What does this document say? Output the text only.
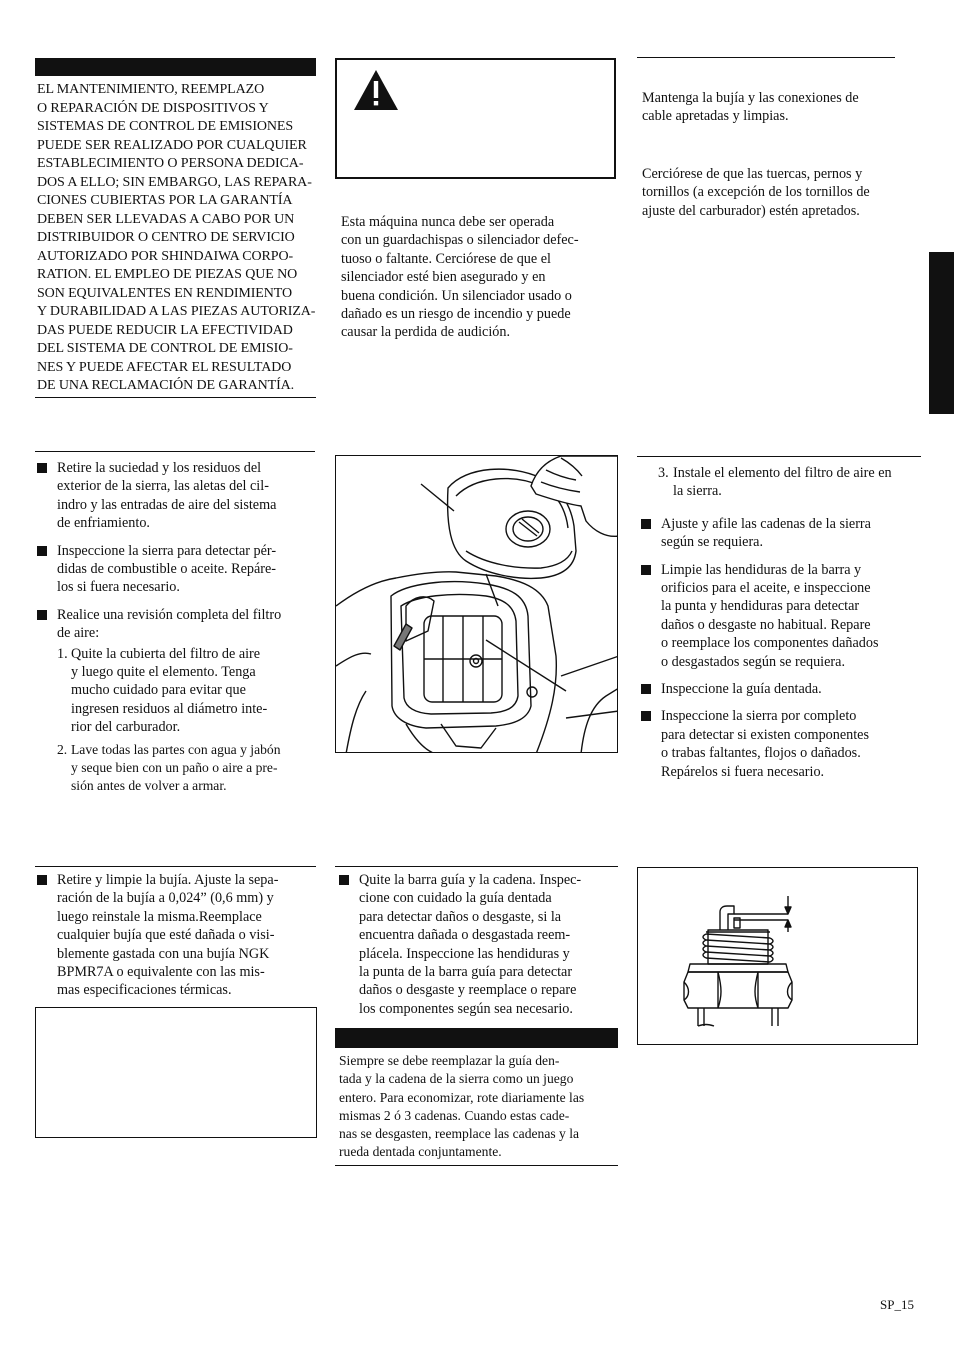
EL MANTENIMIENTO, REEMPLAZO
O REPARACIÓN DE DISPOSITIVOS Y
SISTEMAS DE CONTROL DE EMISIONES
PUEDE SER REALIZADO POR CUALQUIER
ESTABLECIMIENTO O PERSONA DEDICA-
DOS A ELLO; SIN EMBARGO, LAS REPARA-
CIONES CUBIERTAS POR LA GARANTÍA
DEBEN SER LLEVADAS A CABO POR UN
DISTRIBUIDOR O CENTRO DE SERVICIO
AUTORIZADO POR SHINDAIWA CORPO-
RATION. EL EMPLEO DE PIEZAS QUE NO
SON EQUIVALENTES EN RENDIMIENTO
Y DURABILIDAD A LAS PIEZAS AUTORIZA-
DAS PUEDE REDUCIR LA EFECTIVIDAD
DEL SISTEMA DE CONTROL DE EMISIO-
NES Y PUEDE AFECTAR EL RESULTADO
DE UNA RECLAMACIÓN DE GARANTÍA.
Esta máquina nunca debe ser operada
con un guardachispas o silenciador defec-
tuoso o faltante. Cerciórese de que el
silenciador esté bien asegurado y en
buena condición. Un silenciador usado o
dañado es un riesgo de incendio y puede
causar la perdida de audición.
Mantenga la bujía y las conexiones de
cable apretadas y limpias.
Cerciórese de que las tuercas, pernos y
tornillos (a excepción de los tornillos de
ajuste del carburador) estén apretados.
Retire la suciedad y los residuos del
exterior de la sierra, las aletas del cil-
indro y las entradas de aire del sistema
de enfriamiento.
Inspeccione la sierra para detectar pér-
didas de combustible o aceite. Repáre-
los si fuera necesario.
Realice una revisión completa del filtro
de aire:
1. Quite la cubierta del filtro de aire
y luego quite el elemento. Tenga
mucho cuidado para evitar que
ingresen residuos al diámetro inte-
rior del carburador.
2. Lave todas las partes con agua y jabón
y seque bien con un paño o aire a pre-
sión antes de volver a armar.
3. Instale el elemento del filtro de aire en
la sierra.
Ajuste y afile las cadenas de la sierra
según se requiera.
Limpie las hendiduras de la barra y
orificios para el aceite, e inspeccione
la punta y hendiduras para detectar
daños o desgaste no habitual. Repare
o reemplace los componentes dañados
o desgastados según se requiera.
Inspeccione la guía dentada.
Inspeccione la sierra por completo
para detectar si existen componentes
o trabas faltantes, flojos o dañados.
Repárelos si fuera necesario.
Retire y limpie la bujía. Ajuste la sepa-
ración de la bujía a 0,024” (0,6 mm) y
luego reinstale la misma.Reemplace
cualquier bujía que esté dañada o visi-
blemente gastada con una bujía NGK
BPMR7A o equivalente con las mis-
mas especificaciones térmicas.
Quite la barra guía y la cadena. Inspec-
cione con cuidado la guía dentada
para detectar daños o desgaste, si la
encuentra dañada o desgastada reem-
plácela. Inspeccione las hendiduras y
la punta de la barra guía para detectar
daños o desgaste y reemplace o repare
los componentes según sea necesario.
Siempre se debe reemplazar la guía den-
tada y la cadena de la sierra como un juego
entero. Para economizar, rote diariamente las
mismas 2 ó 3 cadenas. Cuando estas cade-
nas se desgasten, reemplace las cadenas y la
rueda dentada conjuntamente.
SP_15
